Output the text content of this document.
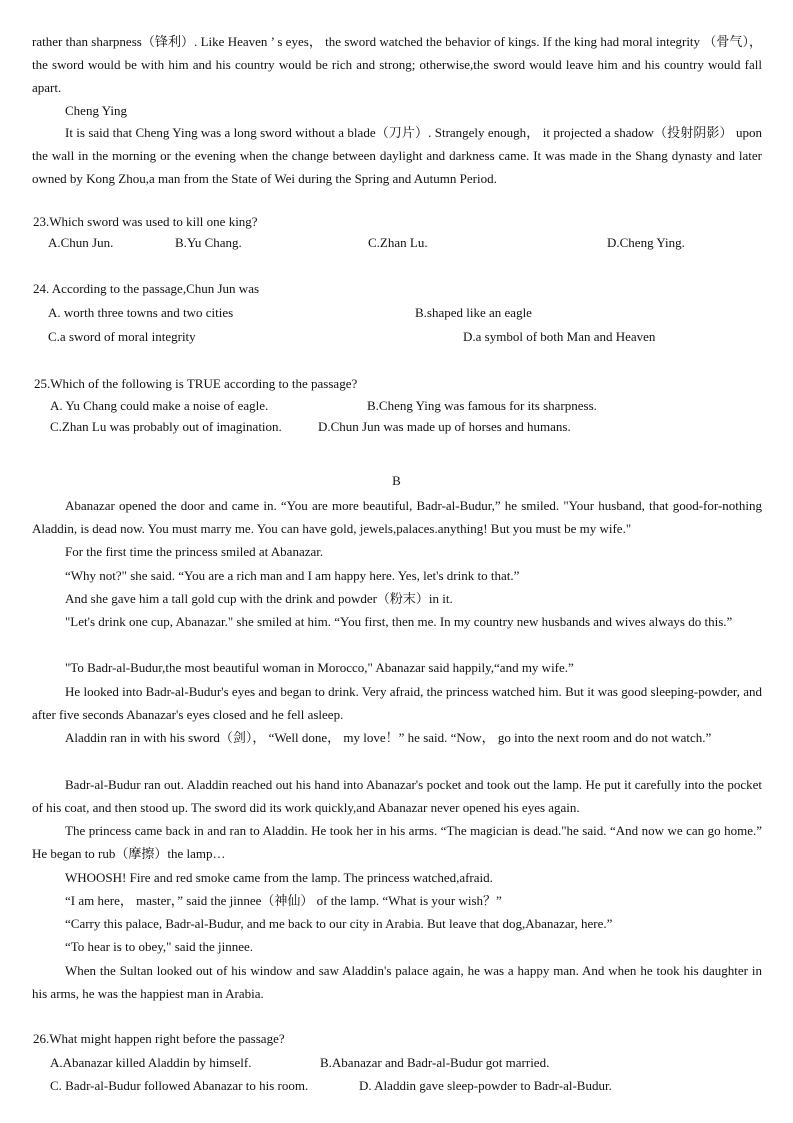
rather than sharpness（锋利）. Like Heaven ’ s eyes， the sword watched the behavior of kings. If the king had moral integrity （骨气）， the sword would be with him and his country would be rich and strong; otherwise,the sword would leave him and his country would fall apart.

Cheng Ying

It is said that Cheng Ying was a long sword without a blade（刀片）. Strangely enough， it projected a shadow（投射阴影） upon the wall in the morning or the evening when the change between daylight and darkness came. It was made in the Shang dynasty and later owned by Kong Zhou,a man from the State of Wei during the Spring and Autumn Period.

23.Which sword was used to kill one king?
A.Chun Jun.	B.Yu Chang.	C.Zhan Lu.	D.Cheng Ying.
24. According to the passage,Chun Jun was
A. worth three towns and two cities	B.shaped like an eagle
C.a sword of moral integrity	D.a symbol of both Man and Heaven
25.Which of the following is TRUE according to the passage?
A. Yu Chang could make a noise of eagle.	B.Cheng Ying was famous for its sharpness.
C.Zhan Lu was probably out of imagination.	D.Chun Jun was made up of horses and humans.
B

Abanazar opened the door and came in. “You are more beautiful, Badr-al-Budur,” he smiled. "Your husband, that good-for-nothing Aladdin, is dead now. You must marry me. You can have gold, jewels,palaces.anything! But you must be my wife."

For the first time the princess smiled at Abanazar.

“Why not?" she said. “You are a rich man and I am happy here. Yes, let's drink to that.”

And she gave him a tall gold cup with the drink and powder（粉末）in it.

"Let's drink one cup, Abanazar." she smiled at him. “You first, then me. In my country new husbands and wives always do this.”

"To Badr-al-Budur,the most beautiful woman in Morocco," Abanazar said happily,“and my wife.”

He looked into Badr-al-Budur's eyes and began to drink. Very afraid, the princess watched him. But it was good sleeping-powder, and after five seconds Abanazar's eyes closed and he fell asleep.

Aladdin ran in with his sword（剑）， “Well done， my love！” he said. “Now， go into the next room and do not watch.”

Badr-al-Budur ran out. Aladdin reached out his hand into Abanazar's pocket and took out the lamp. He put it carefully into the pocket of his coat, and then stood up. The sword did its work quickly,and Abanazar never opened his eyes again.

The princess came back in and ran to Aladdin. He took her in his arms. “The magician is dead."he said. “And now we can go home.” He began to rub（摩擦）the lamp…

WHOOSH! Fire and red smoke came from the lamp. The princess watched,afraid.

“I am here， master，” said the jinnee（神仙） of the lamp. “What is your wish？”

“Carry this palace, Badr-al-Budur, and me back to our city in Arabia. But leave that dog,Abanazar, here.”

“To hear is to obey," said the jinnee.

When the Sultan looked out of his window and saw Aladdin's palace again, he was a happy man. And when he took his daughter in his arms, he was the happiest man in Arabia.

26.What might happen right before the passage?
A.Abanazar killed Aladdin by himself.	B.Abanazar and Badr-al-Budur got married.
C. Badr-al-Budur followed Abanazar to his room.	D. Aladdin gave sleep-powder to Badr-al-Budur.
